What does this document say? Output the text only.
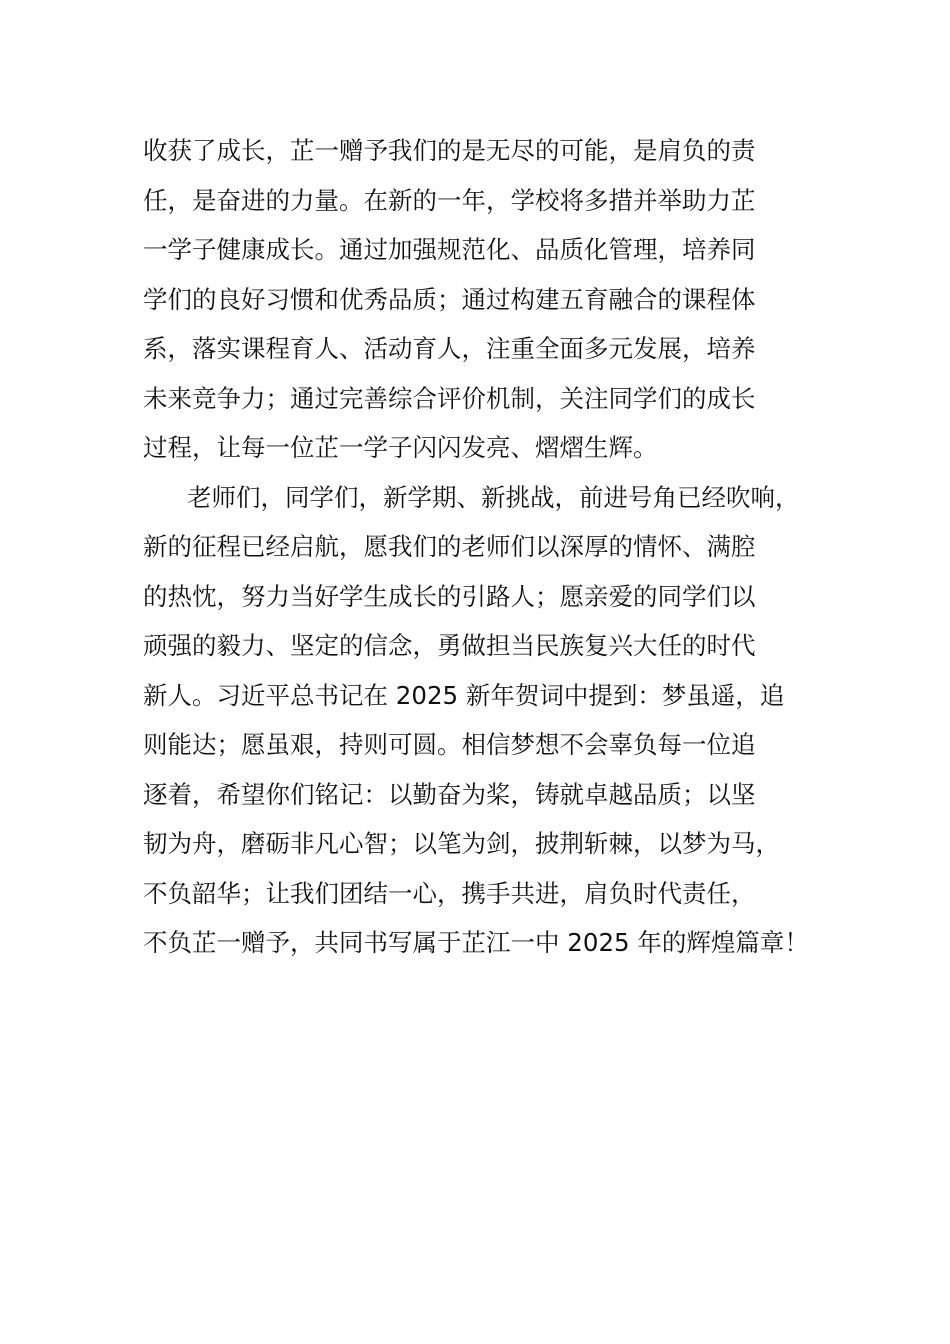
收获了成长，芷一赠予我们的是无尽的可能，是肩负的责
任，是奋进的力量。在新的一年，学校将多措并举助力芷
一学子健康成长。通过加强规范化、品质化管理，培养同
学们的良好习惯和优秀品质；通过构建五育融合的课程体
系，落实课程育人、活动育人，注重全面多元发展，培养
未来竞争力；通过完善综合评价机制，关注同学们的成长
过程，让每一位芷一学子闪闪发亮、熠熠生辉。
老师们，同学们，新学期、新挑战，前进号角已经吹响，
新的征程已经启航，愿我们的老师们以深厚的情怀、满腔
的热忱，努力当好学生成长的引路人；愿亲爱的同学们以
顽强的毅力、坚定的信念，勇做担当民族复兴大任的时代
新人。习近平总书记在 2025 新年贺词中提到：梦虽遥，追
则能达；愿虽艰，持则可圆。相信梦想不会辜负每一位追
逐着，希望你们铭记：以勤奋为桨，铸就卓越品质；以坚
韧为舟，磨砺非凡心智；以笔为剑，披荆斩棘，以梦为马，
不负韶华；让我们团结一心，携手共进，肩负时代责任，
不负芷一赠予，共同书写属于芷江一中 2025 年的辉煌篇章！
